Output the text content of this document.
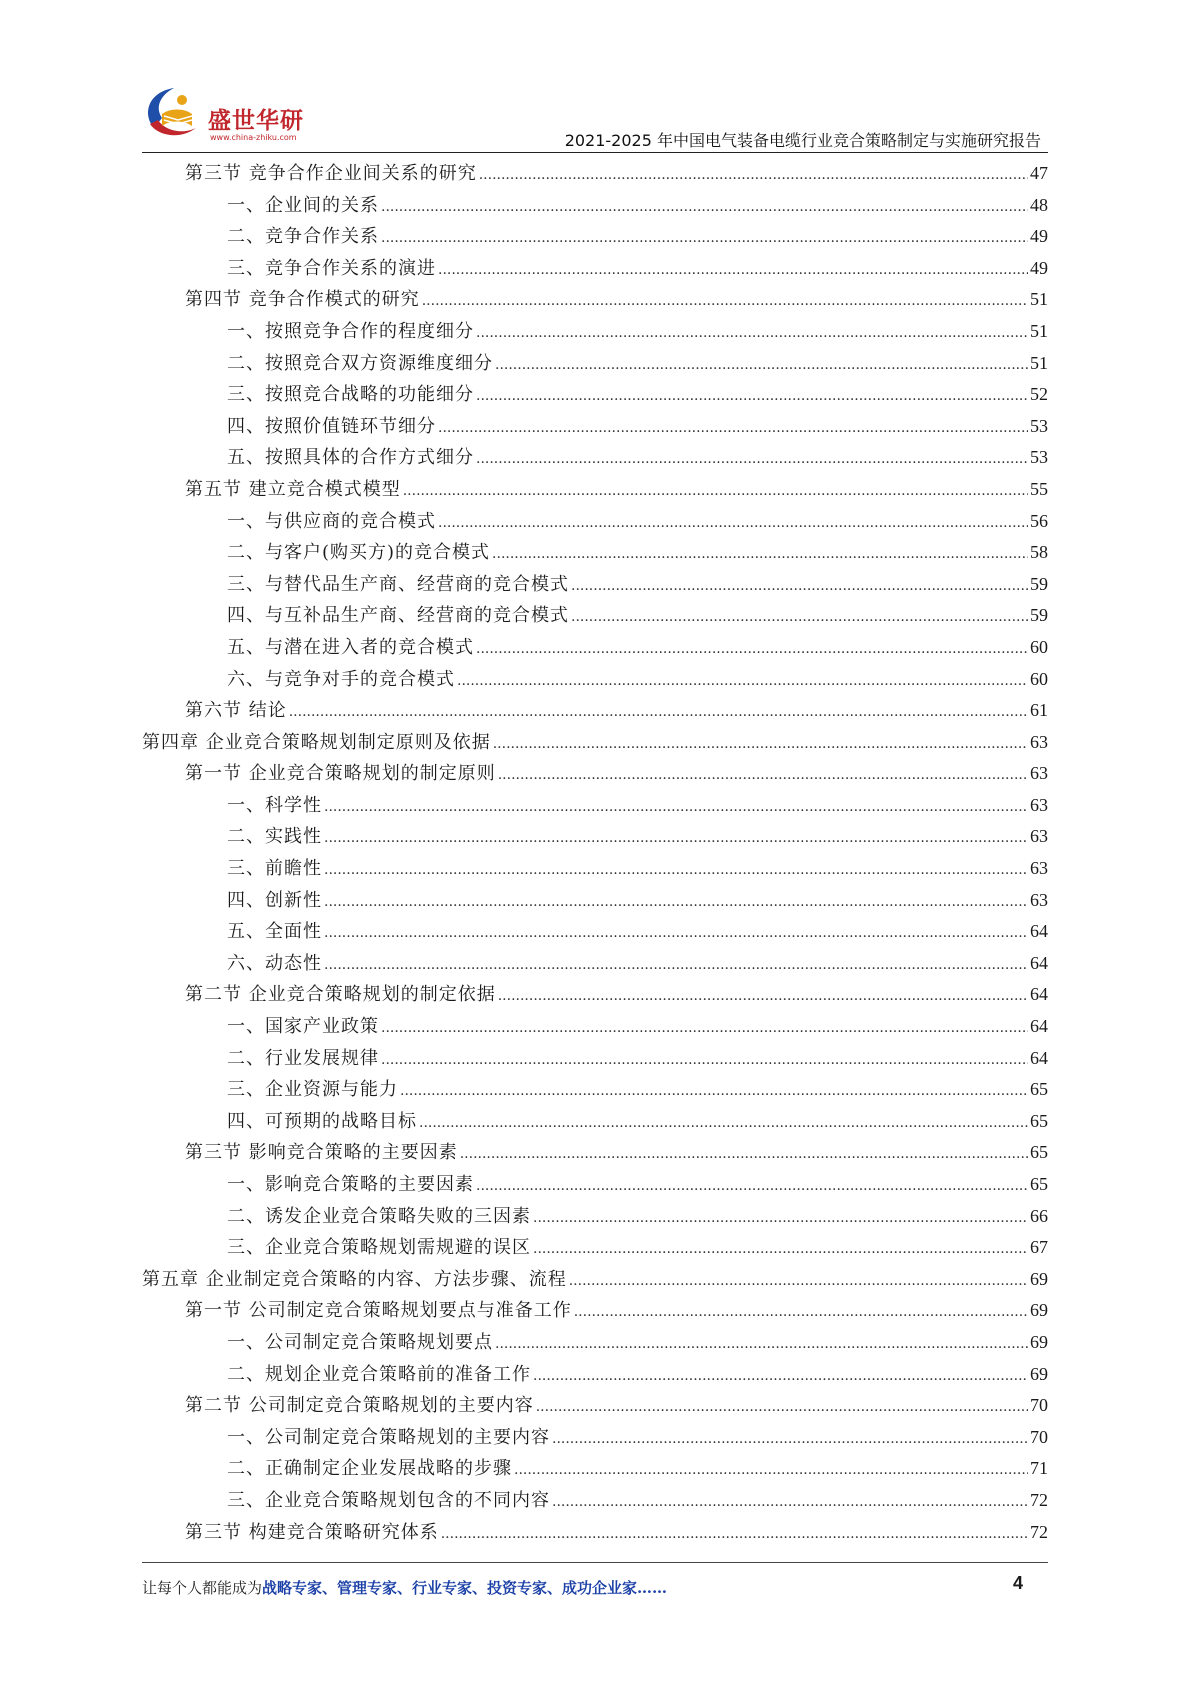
盛世华研
www.china-zhiku.com	2021-2025 年中国电气装备电缆行业竞合策略制定与实施研究报告
第三节 竞争合作企业间关系的研究 .....	47
一、企业间的关系 .....	48
二、竞争合作关系 .....	49
三、竞争合作关系的演进 .....	49
第四节 竞争合作模式的研究 .....	51
一、按照竞争合作的程度细分 .....	51
二、按照竞合双方资源维度细分 .....	51
三、按照竞合战略的功能细分 .....	52
四、按照价值链环节细分 .....	53
五、按照具体的合作方式细分 .....	53
第五节 建立竞合模式模型 .....	55
一、与供应商的竞合模式 .....	56
二、与客户(购买方)的竞合模式 .....	58
三、与替代品生产商、经营商的竞合模式 .....	59
四、与互补品生产商、经营商的竞合模式 .....	59
五、与潜在进入者的竞合模式 .....	60
六、与竞争对手的竞合模式 .....	60
第六节 结论 .....	61
第四章 企业竞合策略规划制定原则及依据 .....	63
第一节 企业竞合策略规划的制定原则 .....	63
一、科学性 .....	63
二、实践性 .....	63
三、前瞻性 .....	63
四、创新性 .....	63
五、全面性 .....	64
六、动态性 .....	64
第二节 企业竞合策略规划的制定依据 .....	64
一、国家产业政策 .....	64
二、行业发展规律 .....	64
三、企业资源与能力 .....	65
四、可预期的战略目标 .....	65
第三节 影响竞合策略的主要因素 .....	65
一、影响竞合策略的主要因素 .....	65
二、诱发企业竞合策略失败的三因素 .....	66
三、企业竞合策略规划需规避的误区 .....	67
第五章 企业制定竞合策略的内容、方法步骤、流程 .....	69
第一节 公司制定竞合策略规划要点与准备工作 .....	69
一、公司制定竞合策略规划要点 .....	69
二、规划企业竞合策略前的准备工作 .....	69
第二节 公司制定竞合策略规划的主要内容 .....	70
一、公司制定竞合策略规划的主要内容 .....	70
二、正确制定企业发展战略的步骤 .....	71
三、企业竞合策略规划包含的不同内容 .....	72
第三节 构建竞合策略研究体系 .....	72
让每个人都能成为战略专家、管理专家、行业专家、投资专家、成功企业家……	4
